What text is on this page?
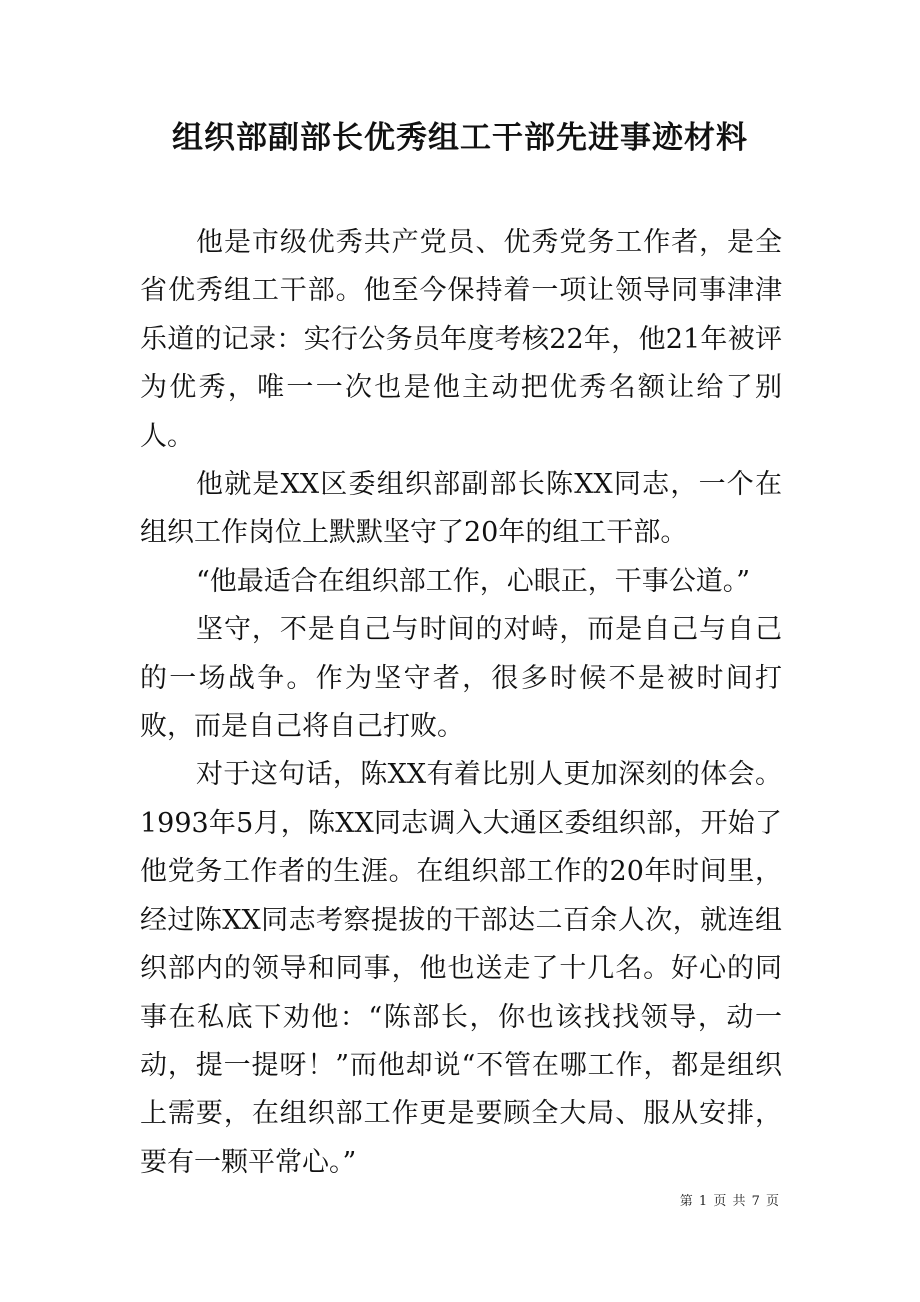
组织部副部长优秀组工干部先进事迹材料

他是市级优秀共产党员、优秀党务工作者，是全省优秀组工干部。他至今保持着一项让领导同事津津乐道的记录：实行公务员年度考核22年，他21年被评为优秀，唯一一次也是他主动把优秀名额让给了别人。

他就是XX区委组织部副部长陈XX同志，一个在组织工作岗位上默默坚守了20年的组工干部。

“他最适合在组织部工作，心眼正，干事公道。”

坚守，不是自己与时间的对峙，而是自己与自己的一场战争。作为坚守者，很多时候不是被时间打败，而是自己将自己打败。

对于这句话，陈XX有着比别人更加深刻的体会。1993年5月，陈XX同志调入大通区委组织部，开始了他党务工作者的生涯。在组织部工作的20年时间里，经过陈XX同志考察提拔的干部达二百余人次，就连组织部内的领导和同事，他也送走了十几名。好心的同事在私底下劝他：“陈部长，你也该找找领导，动一动，提一提呀！”而他却说“不管在哪工作，都是组织上需要，在组织部工作更是要顾全大局、服从安排，要有一颗平常心。”

第 1 页 共 7 页
